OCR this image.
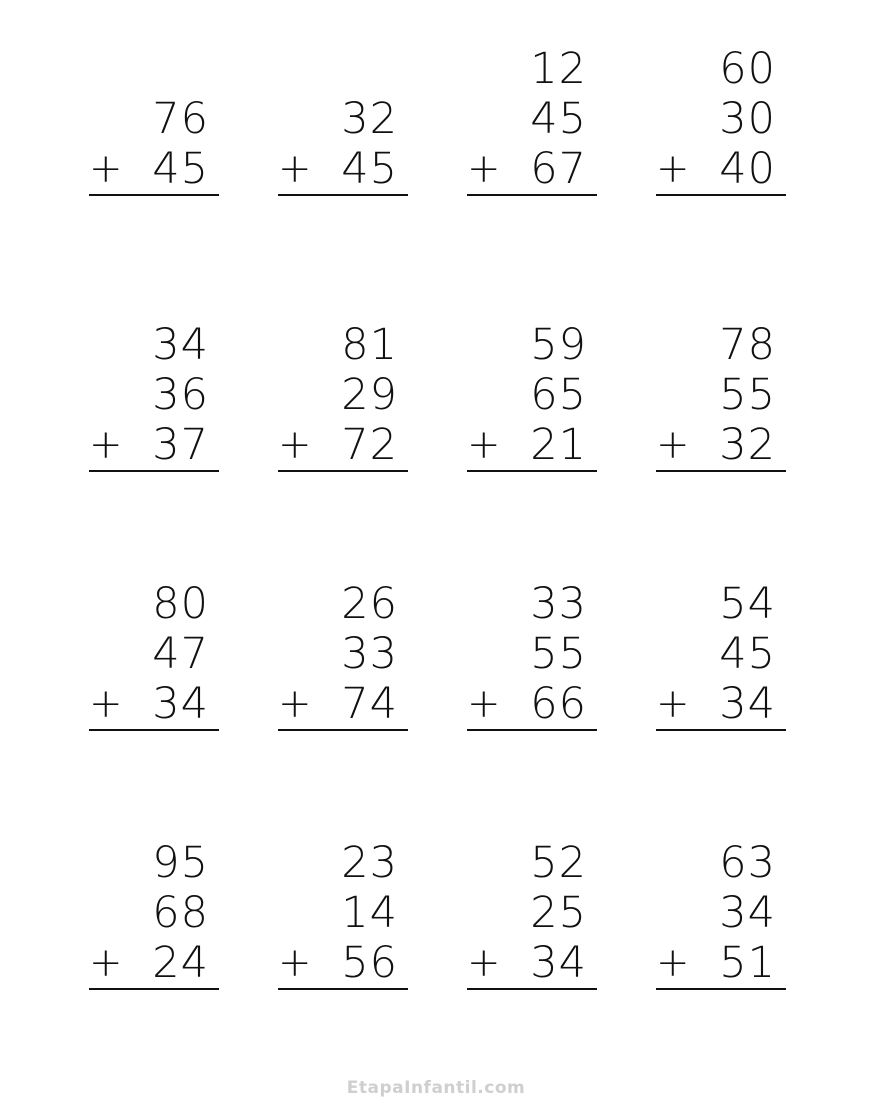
76
45
+
32
45
+
12
45
67
+
60
30
40
+
34
36
37
+
81
29
72
+
59
65
21
+
78
55
32
+
80
47
34
+
26
33
74
+
33
55
66
+
54
45
34
+
95
68
24
+
23
14
56
+
52
25
34
+
63
34
51
+
EtapaInfantil.com
